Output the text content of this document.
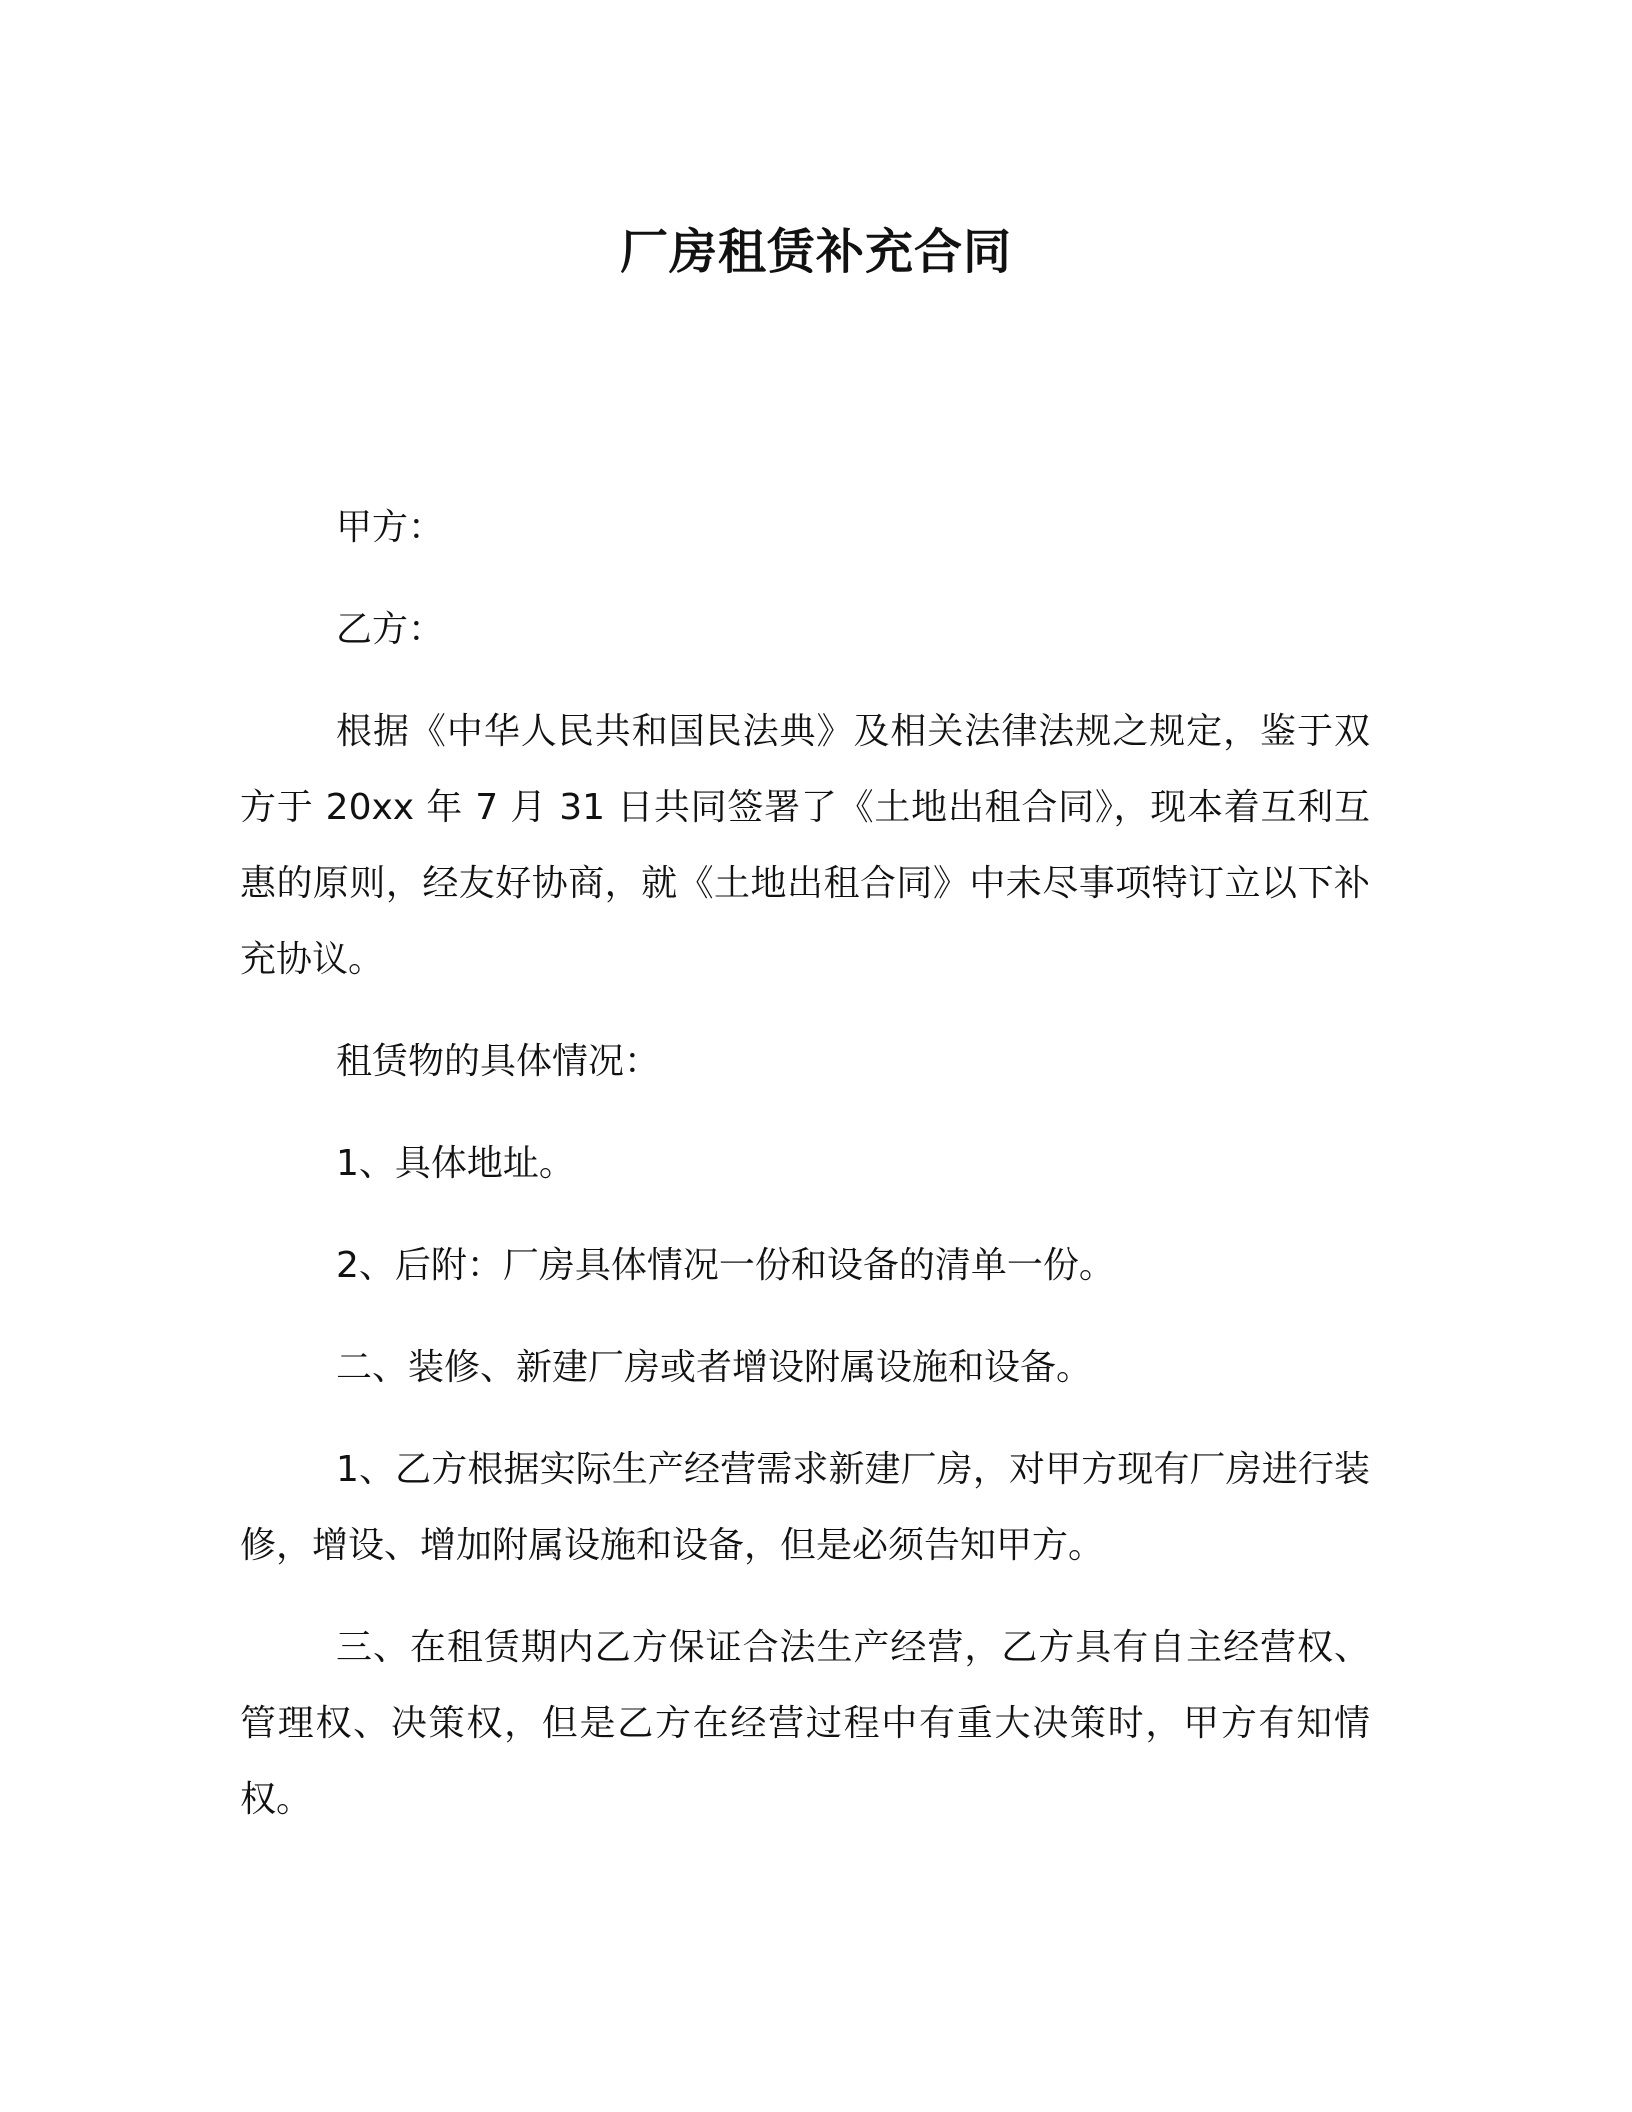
厂房租赁补充合同

甲方：

乙方：

根据《中华人民共和国民法典》及相关法律法规之规定，鉴于双方于 20xx 年 7 月 31 日共同签署了《土地出租合同》，现本着互利互惠的原则，经友好协商，就《土地出租合同》中未尽事项特订立以下补充协议。

租赁物的具体情况：

1、具体地址。

2、后附：厂房具体情况一份和设备的清单一份。

二、装修、新建厂房或者增设附属设施和设备。

1、乙方根据实际生产经营需求新建厂房，对甲方现有厂房进行装修，增设、增加附属设施和设备，但是必须告知甲方。

三、在租赁期内乙方保证合法生产经营，乙方具有自主经营权、管理权、决策权，但是乙方在经营过程中有重大决策时，甲方有知情权。
